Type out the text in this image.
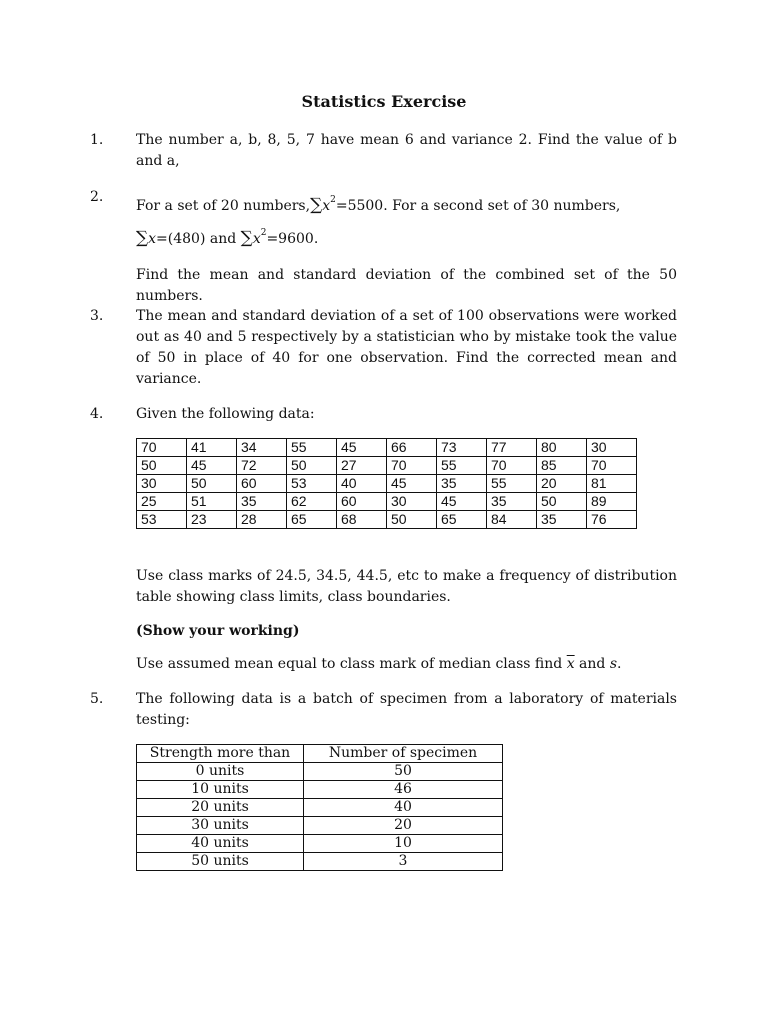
Statistics Exercise
1.	The number a, b, 8, 5, 7 have mean 6 and variance 2. Find the value of b and a,

2.

For a set of 20 $numbers,\sum x^2=5500$. For a second set of 30 numbers,
∑x=(480) and $\sum x^2=9600$.

Find the mean and standard deviation of the combined set of the 50 numbers.

3.	The mean and standard deviation of a set of 100 observations were worked out as 40 and 5 respectively by a statistician who by mistake took the value of 50 in place of 40 for one observation. Find the corrected mean and variance.

4.	Given the following data:

70	41	34	55	45	66	73	77	80	30
50	45	72	50	27	70	55	70	85	70
30	50	60	53	40	45	35	55	20	81
25	51	35	62	60	30	45	35	50	89
53	23	28	65	68	50	65	84	35	76

Use class marks of 24.5, 34.5, 44.5, etc to make a frequency of distribution table showing class limits, class boundaries.

(Show your working)

Use assumed mean equal to class mark of median class find $\overline{x}$ and s.

5.	The following data is a batch of specimen from a laboratory of materials testing:

Strength more than	Number of specimen
0 units	50
10 units	46
20 units	40
30 units	20
40 units	10
50 units	3
